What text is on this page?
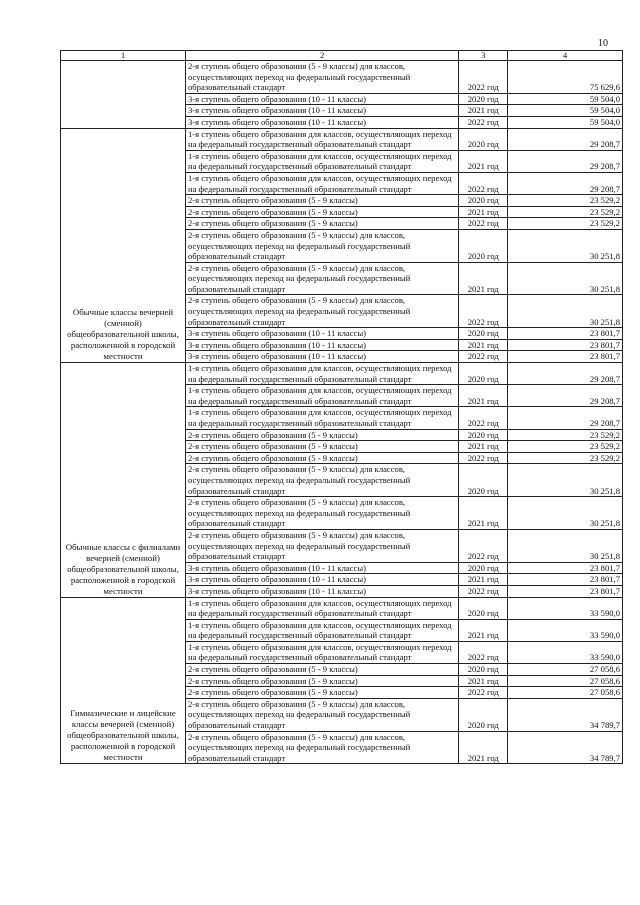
10
1	2	3	4
	2-я ступень общего образования (5 - 9 классы) для классов, осуществляющих переход на федеральный государственный образовательный стандарт	2022 год	75 629,6
	3-я ступень общего образования (10 - 11 классы)	2020 год	59 504,0
	3-я ступень общего образования (10 - 11 классы)	2021 год	59 504,0
	3-я ступень общего образования (10 - 11 классы)	2022 год	59 504,0
Обычные классы вечерней (сменной) общеобразовательной школы, расположенной в городской местности	1-я ступень общего образования для классов, осуществляющих переход на федеральный государственный образовательный стандарт	2020 год	29 208,7
	1-я ступень общего образования для классов, осуществляющих переход на федеральный государственный образовательный стандарт	2021 год	29 208,7
	1-я ступень общего образования для классов, осуществляющих переход на федеральный государственный образовательный стандарт	2022 год	29 208,7
	2-я ступень общего образования (5 - 9 классы)	2020 год	23 529,2
	2-я ступень общего образования (5 - 9 классы)	2021 год	23 529,2
	2-я ступень общего образования (5 - 9 классы)	2022 год	23 529,2
	2-я ступень общего образования (5 - 9 классы) для классов, осуществляющих переход на федеральный государственный образовательный стандарт	2020 год	30 251,8
	2-я ступень общего образования (5 - 9 классы) для классов, осуществляющих переход на федеральный государственный образовательный стандарт	2021 год	30 251,8
	2-я ступень общего образования (5 - 9 классы) для классов, осуществляющих переход на федеральный государственный образовательный стандарт	2022 год	30 251,8
	3-я ступень общего образования (10 - 11 классы)	2020 год	23 801,7
	3-я ступень общего образования (10 - 11 классы)	2021 год	23 801,7
	3-я ступень общего образования (10 - 11 классы)	2022 год	23 801,7
Обычные классы с филиалами вечерней (сменной) общеобразовательной школы, расположенной в городской местности	1-я ступень общего образования для классов, осуществляющих переход на федеральный государственный образовательный стандарт	2020 год	29 208,7
	1-я ступень общего образования для классов, осуществляющих переход на федеральный государственный образовательный стандарт	2021 год	29 208,7
	1-я ступень общего образования для классов, осуществляющих переход на федеральный государственный образовательный стандарт	2022 год	29 208,7
	2-я ступень общего образования (5 - 9 классы)	2020 год	23 529,2
	2-я ступень общего образования (5 - 9 классы)	2021 год	23 529,2
	2-я ступень общего образования (5 - 9 классы)	2022 год	23 529,2
	2-я ступень общего образования (5 - 9 классы) для классов, осуществляющих переход на федеральный государственный образовательный стандарт	2020 год	30 251,8
	2-я ступень общего образования (5 - 9 классы) для классов, осуществляющих переход на федеральный государственный образовательный стандарт	2021 год	30 251,8
	2-я ступень общего образования (5 - 9 классы) для классов, осуществляющих переход на федеральный государственный образовательный стандарт	2022 год	30 251,8
	3-я ступень общего образования (10 - 11 классы)	2020 год	23 801,7
	3-я ступень общего образования (10 - 11 классы)	2021 год	23 801,7
	3-я ступень общего образования (10 - 11 классы)	2022 год	23 801,7
Гимназические и лицейские классы вечерней (сменной) общеобразовательной школы, расположенной в городской местности	1-я ступень общего образования для классов, осуществляющих переход на федеральный государственный образовательный стандарт	2020 год	33 590,0
	1-я ступень общего образования для классов, осуществляющих переход на федеральный государственный образовательный стандарт	2021 год	33 590,0
	1-я ступень общего образования для классов, осуществляющих переход на федеральный государственный образовательный стандарт	2022 год	33 590,0
	2-я ступень общего образования (5 - 9 классы)	2020 год	27 058,6
	2-я ступень общего образования (5 - 9 классы)	2021 год	27 058,6
	2-я ступень общего образования (5 - 9 классы)	2022 год	27 058,6
	2-я ступень общего образования (5 - 9 классы) для классов, осуществляющих переход на федеральный государственный образовательный стандарт	2020 год	34 789,7
	2-я ступень общего образования (5 - 9 классы) для классов, осуществляющих переход на федеральный государственный образовательный стандарт	2021 год	34 789,7
